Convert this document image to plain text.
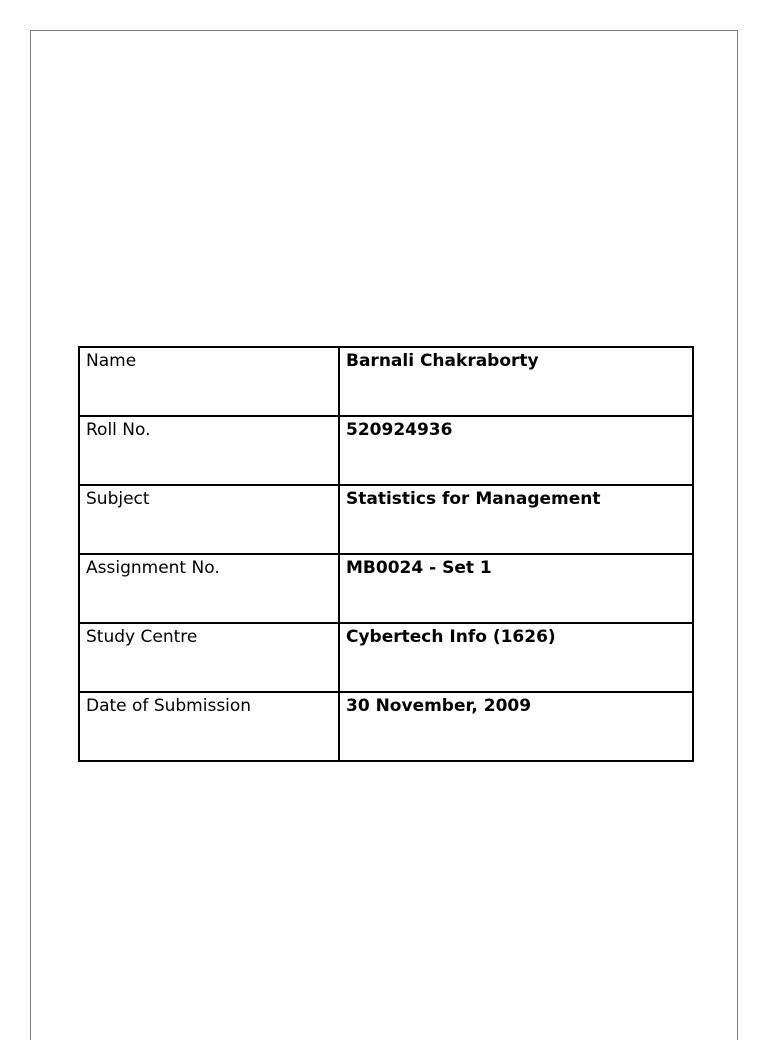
Name	Barnali Chakraborty
Roll No.	520924936
Subject	Statistics for Management
Assignment No.	MB0024 - Set 1
Study Centre	Cybertech Info (1626)
Date of Submission	30 November, 2009
